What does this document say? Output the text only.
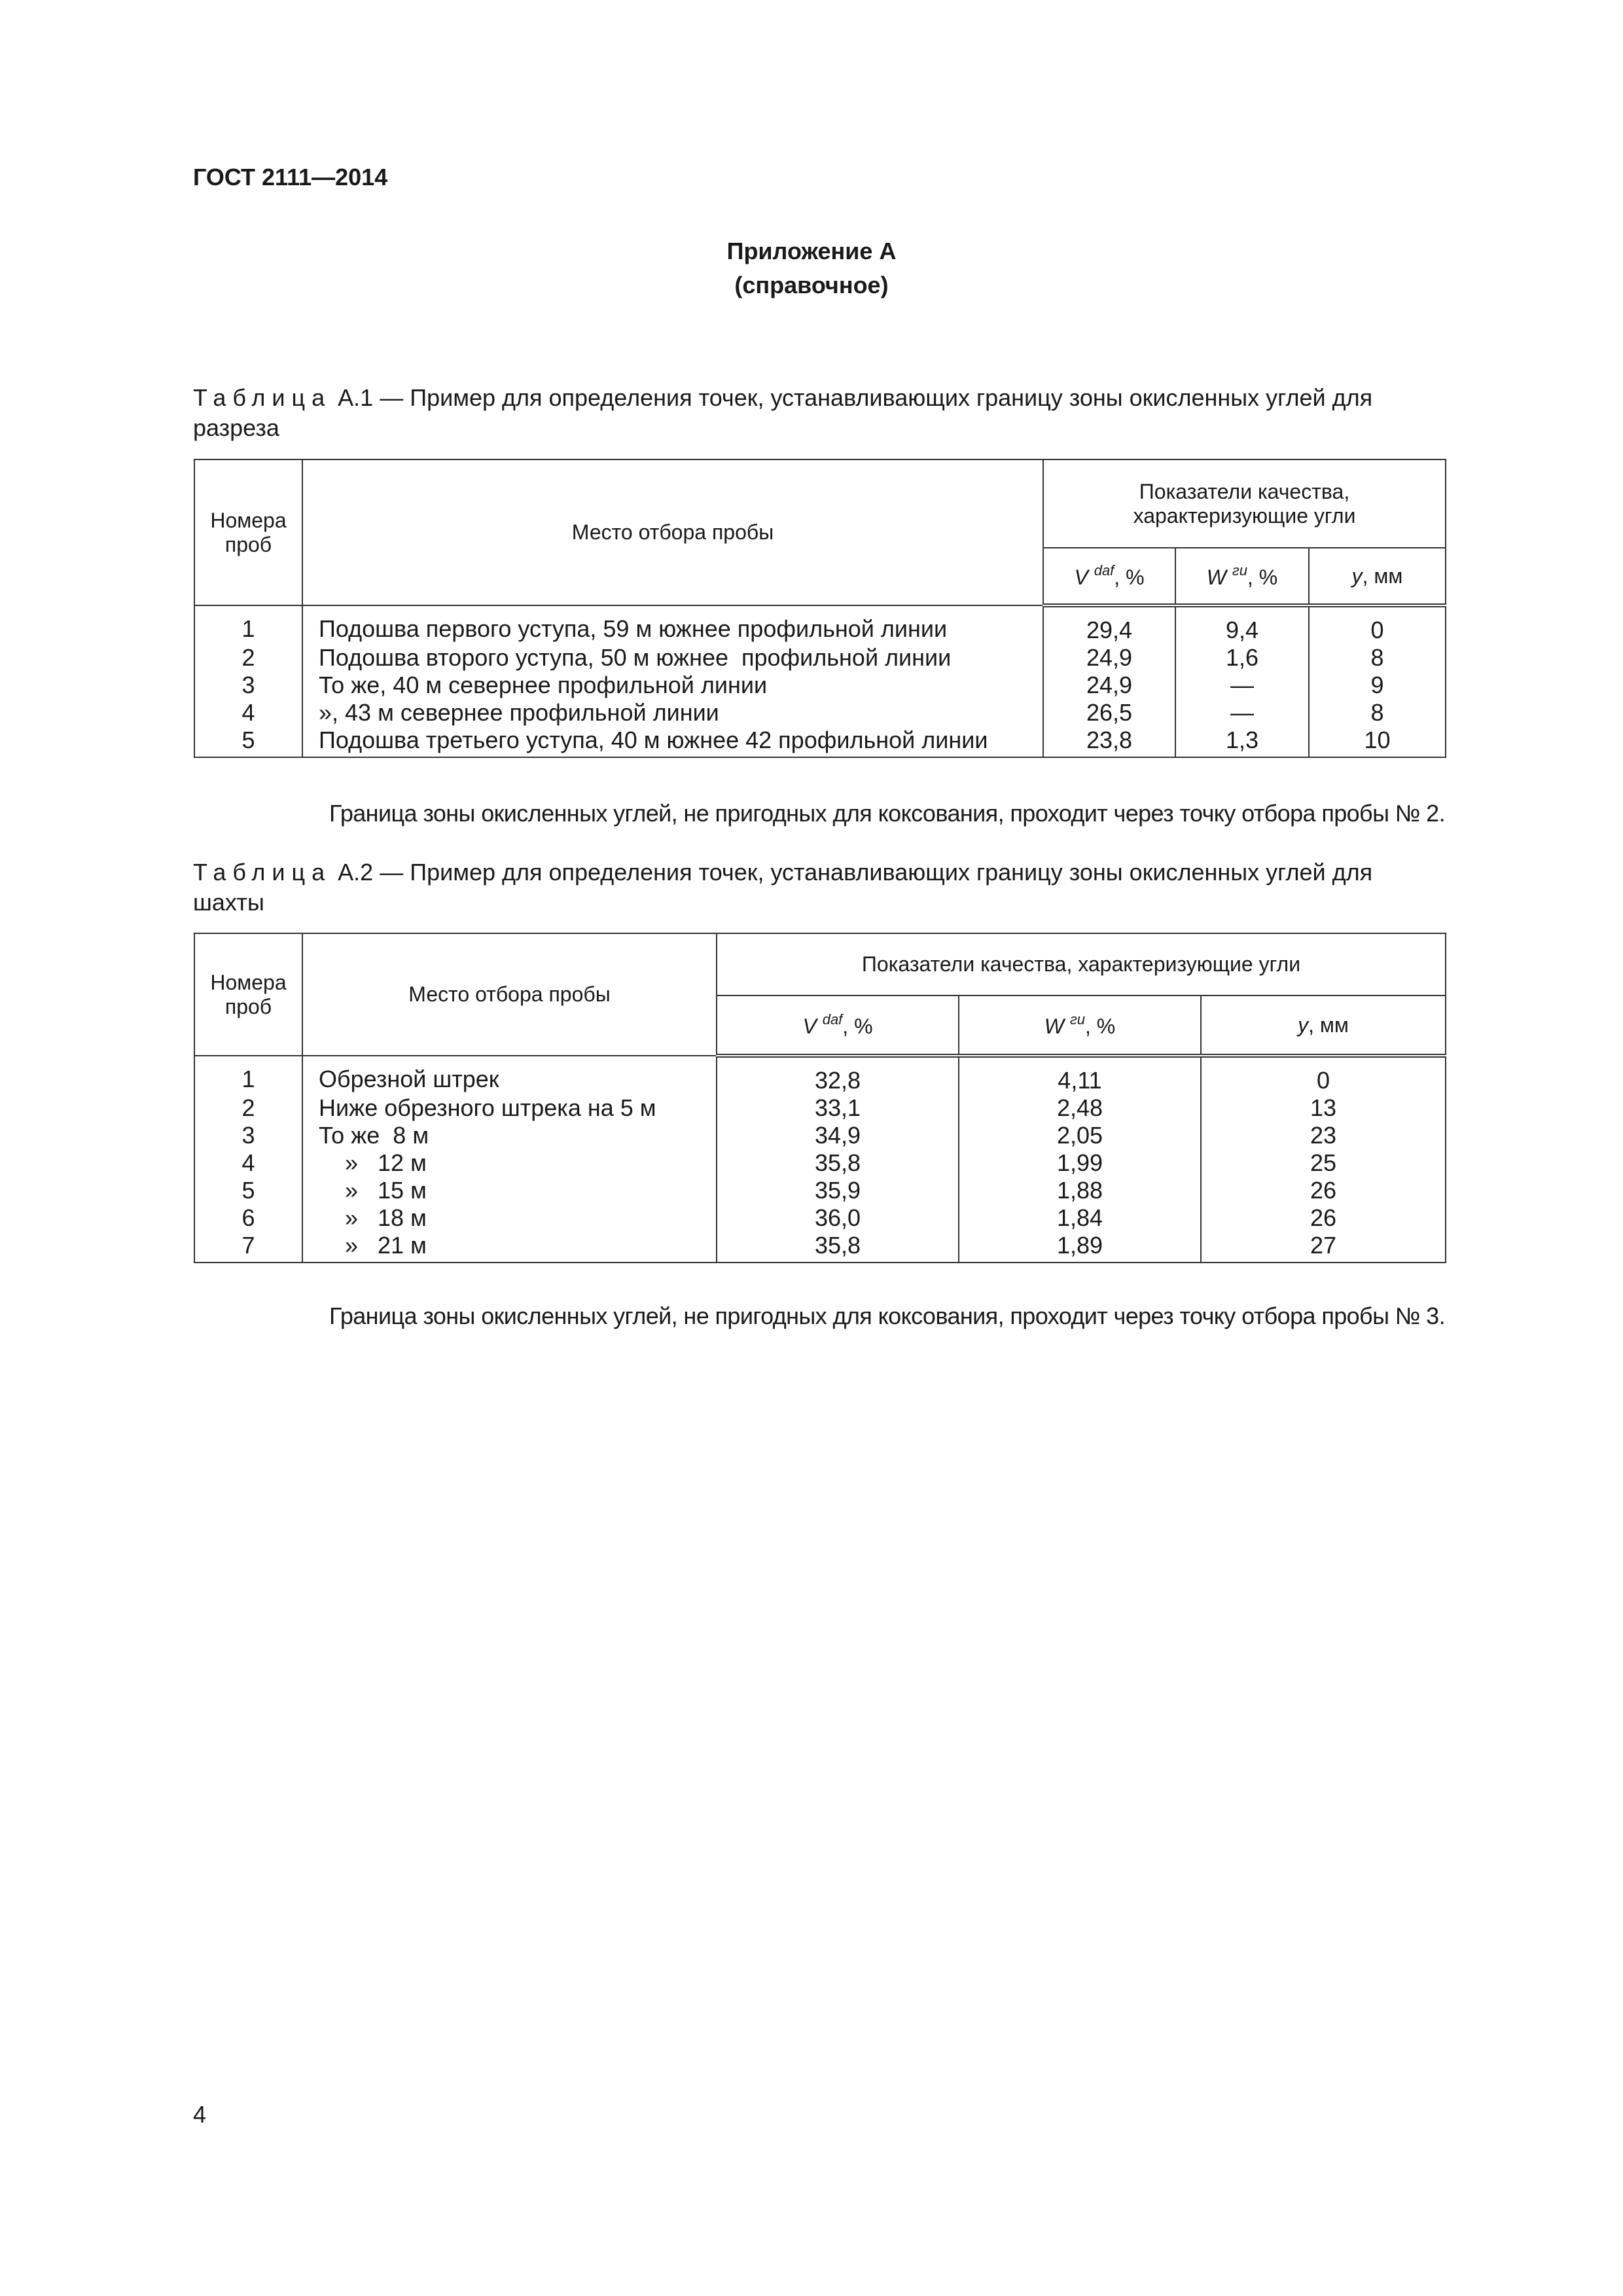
ГОСТ 2111—2014
Приложение А
(справочное)
Таблица А.1 — Пример для определения точек, устанавливающих границу зоны окисленных углей для разреза
Номера проб	Место отбора пробы	Показатели качества, характеризующие угли		
		V $^{daf}$, %	W $^{ги}$, %	y, мм
1	Подошва первого уступа, 59 м южнее профильной линии	29,4	9,4	0
2	Подошва второго уступа, 50 м южнее  профильной линии	24,9	1,6	8
3	То же, 40 м севернее профильной линии	24,9	—	9
4	», 43 м севернее профильной линии	26,5	—	8
5	Подошва третьего уступа, 40 м южнее 42 профильной линии	23,8	1,3	10
Граница зоны окисленных углей, не пригодных для коксования, проходит через точку отбора пробы № 2.
Таблица А.2 — Пример для определения точек, устанавливающих границу зоны окисленных углей для шахты
Номера проб	Место отбора пробы	Показатели качества, характеризующие угли		
		V $^{daf}$, %	W $^{ги}$, %	y, мм
1	Обрезной штрек	32,8	4,11	0
2	Ниже обрезного штрека на 5 м	33,1	2,48	13
3	То же  8 м	34,9	2,05	23
4	»   12 м	35,8	1,99	25
5	»   15 м	35,9	1,88	26
6	»   18 м	36,0	1,84	26
7	»   21 м	35,8	1,89	27
Граница зоны окисленных углей, не пригодных для коксования, проходит через точку отбора пробы № 3.
4
